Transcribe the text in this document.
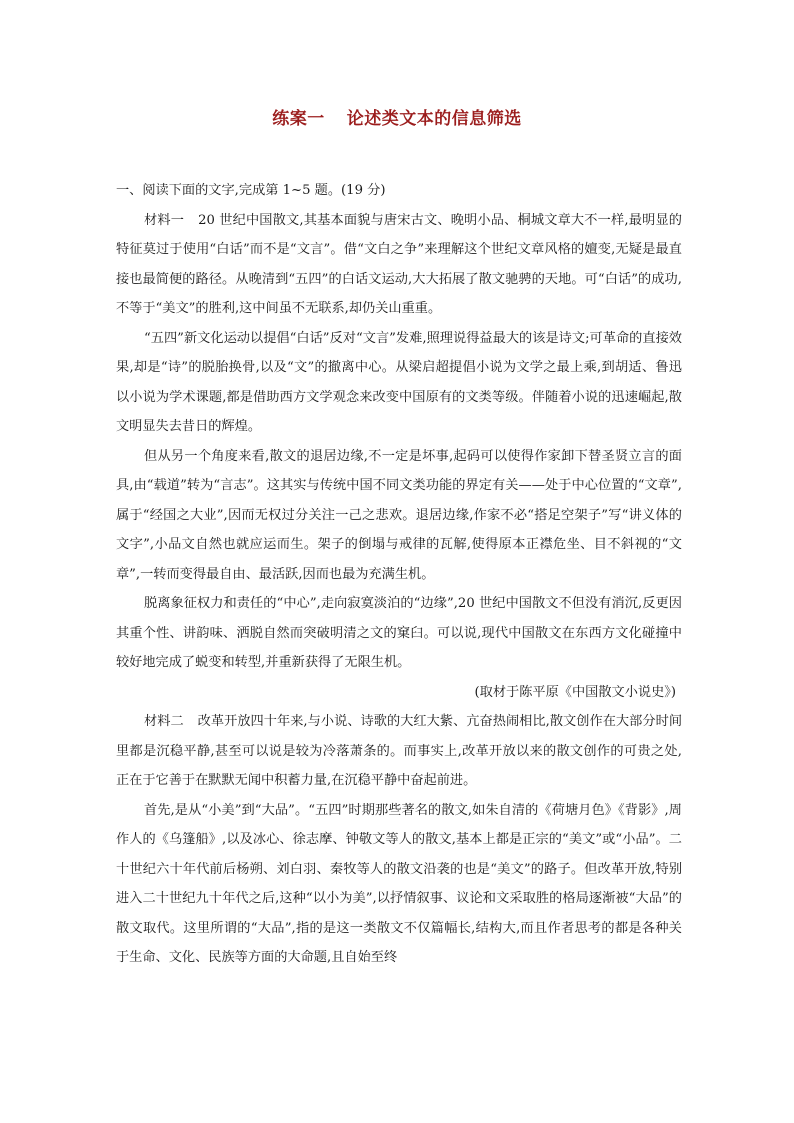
练案一 论述类文本的信息筛选

一、阅读下面的文字,完成第 1~5 题。(19 分)

材料一 20 世纪中国散文,其基本面貌与唐宋古文、晚明小品、桐城文章大不一样,最明显的特征莫过于使用“白话”而不是“文言”。借“文白之争”来理解这个世纪文章风格的嬗变,无疑是最直接也最简便的路径。从晚清到“五四”的白话文运动,大大拓展了散文驰骋的天地。可“白话”的成功,不等于“美文”的胜利,这中间虽不无联系,却仍关山重重。

“五四”新文化运动以提倡“白话”反对“文言”发难,照理说得益最大的该是诗文;可革命的直接效果,却是“诗”的脱胎换骨,以及“文”的撤离中心。从梁启超提倡小说为文学之最上乘,到胡适、鲁迅以小说为学术课题,都是借助西方文学观念来改变中国原有的文类等级。伴随着小说的迅速崛起,散文明显失去昔日的辉煌。

但从另一个角度来看,散文的退居边缘,不一定是坏事,起码可以使得作家卸下替圣贤立言的面具,由“载道”转为“言志”。这其实与传统中国不同文类功能的界定有关——处于中心位置的“文章”,属于“经国之大业”,因而无权过分关注一己之悲欢。退居边缘,作家不必“搭足空架子”写“讲义体的文字”,小品文自然也就应运而生。架子的倒塌与戒律的瓦解,使得原本正襟危坐、目不斜视的“文章”,一转而变得最自由、最活跃,因而也最为充满生机。

脱离象征权力和责任的“中心”,走向寂寞淡泊的“边缘”,20 世纪中国散文不但没有消沉,反更因其重个性、讲韵味、洒脱自然而突破明清之文的窠臼。可以说,现代中国散文在东西方文化碰撞中较好地完成了蜕变和转型,并重新获得了无限生机。

(取材于陈平原《中国散文小说史》)

材料二 改革开放四十年来,与小说、诗歌的大红大紫、亢奋热闹相比,散文创作在大部分时间里都是沉稳平静,甚至可以说是较为冷落萧条的。而事实上,改革开放以来的散文创作的可贵之处,正在于它善于在默默无闻中积蓄力量,在沉稳平静中奋起前进。

首先,是从“小美”到“大品”。“五四”时期那些著名的散文,如朱自清的《荷塘月色》《背影》,周作人的《乌篷船》,以及冰心、徐志摩、钟敬文等人的散文,基本上都是正宗的“美文”或“小品”。二十世纪六十年代前后杨朔、刘白羽、秦牧等人的散文沿袭的也是“美文”的路子。但改革开放,特别进入二十世纪九十年代之后,这种“以小为美”,以抒情叙事、议论和文采取胜的格局逐渐被“大品”的散文取代。这里所谓的“大品”,指的是这一类散文不仅篇幅长,结构大,而且作者思考的都是各种关于生命、文化、民族等方面的大命题,且自始至终
